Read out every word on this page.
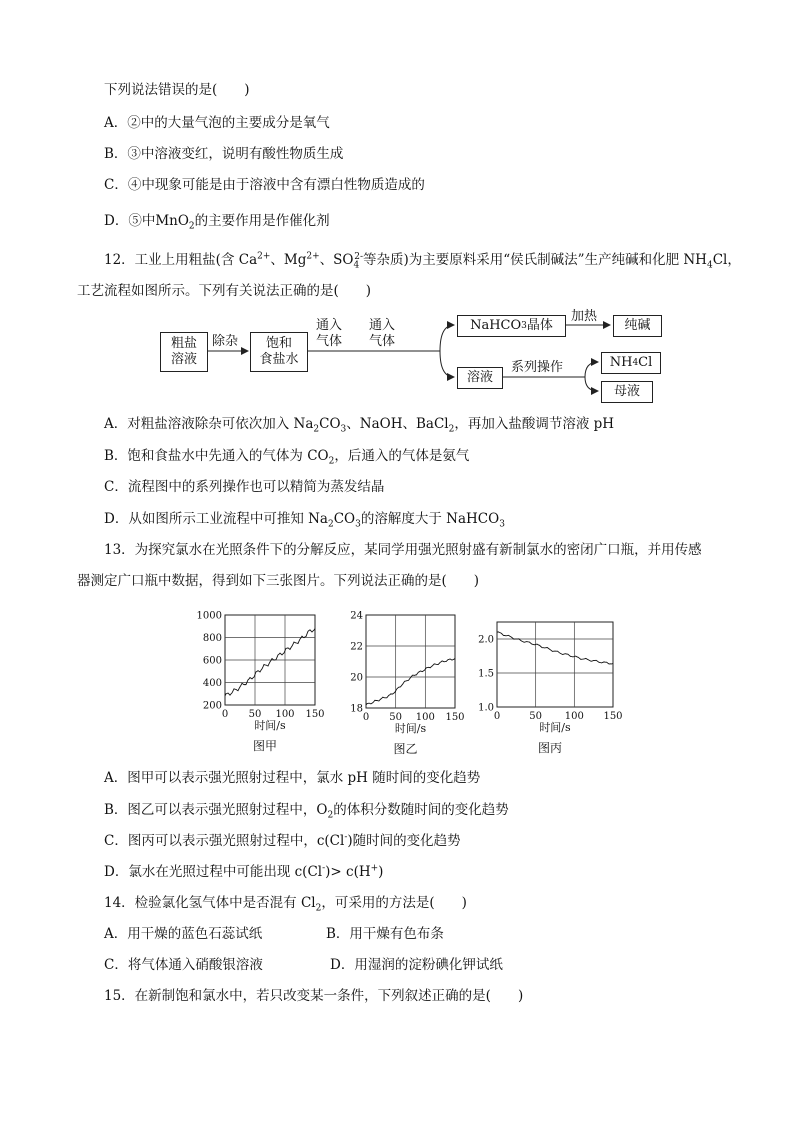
下列说法错误的是(　　)
A．②中的大量气泡的主要成分是氧气
B．③中溶液变红，说明有酸性物质生成
C．④中现象可能是由于溶液中含有漂白性物质造成的
D．⑤中MnO$_2$的主要作用是作催化剂
12．工业上用粗盐(含 $Ca^{2+}$、$Mg^{2+}$、$SO_4^{2-}$等杂质)为主要原料采用“侯氏制碱法”生产纯碱和化肥 $NH_4Cl$，
工艺流程如图所示。下列有关说法正确的是(　　)
粗盐
溶液
除杂 饱和
食盐水
通入
气体
通入
气体
NaHCO 3 晶体
加热
纯碱
溶液
系列操作	NH 4 Cl
母液
A．对粗盐溶液除杂可依次加入 $Na_2CO_3$、NaOH、BaCl$_2$，再加入盐酸调节溶液 pH
B．饱和食盐水中先通入的气体为 $CO_2$，后通入的气体是氨气
C．流程图中的系列操作也可以精简为蒸发结晶
D．从如图所示工业流程中可推知 $Na_2CO_3$的溶解度大于 NaHCO$_3$
13．为探究氯水在光照条件下的分解反应，某同学用强光照射盛有新制氯水的密闭广口瓶，并用传感
器测定广口瓶中数据，得到如下三张图片。下列说法正确的是(　　)
0 50 100 150
1000
800
600
400
200
时间/s
图甲
0 50 100 150
24
22
20
18
时间/s
图乙
0	50 100 150
2.0
1.5
1.0
时间/s
图丙
A．图甲可以表示强光照射过程中，氯水 pH 随时间的变化趋势
B．图乙可以表示强光照射过程中，$O_2$的体积分数随时间的变化趋势
C．图丙可以表示强光照射过程中，c(Cl-)随时间的变化趋势
D．氯水在光照过程中可能出现 c(Cl-)> c(H+)
14．检验氯化氢气体中是否混有 $Cl_2$，可采用的方法是(　　)
A．用干燥的蓝色石蕊试纸	B．用干燥有色布条
C．将气体通入硝酸银溶液	D．用湿润的淀粉碘化钾试纸
15．在新制饱和氯水中，若只改变某一条件，下列叙述正确的是(　　)
